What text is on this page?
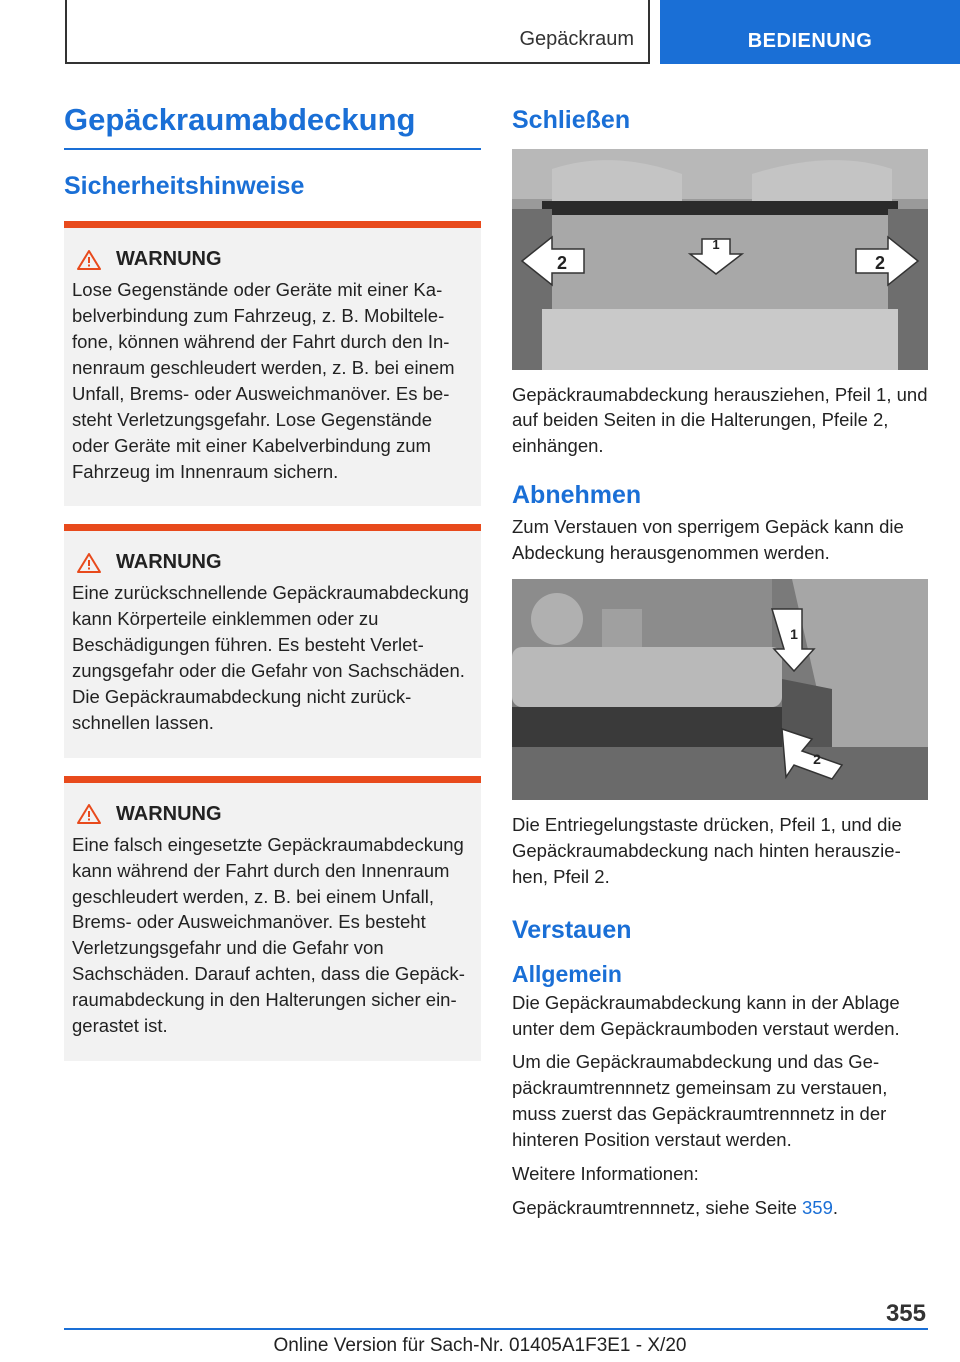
Gepäckraum	BEDIENUNG
Gepäckraumabdeckung
Sicherheitshinweise
WARNUNG

Lose Gegenstände oder Geräte mit einer Kabelverbindung zum Fahrzeug, z. B. Mobiltelefone, können während der Fahrt durch den Innenraum geschleudert werden, z. B. bei einem Unfall, Brems- oder Ausweichmanöver. Es besteht Verletzungsgefahr. Lose Gegenstände oder Geräte mit einer Kabelverbindung zum Fahrzeug im Innenraum sichern.

WARNUNG

Eine zurückschnellende Gepäckraumabdeckung kann Körperteile einklemmen oder zu Beschädigungen führen. Es besteht Verletzungsgefahr oder die Gefahr von Sachschäden. Die Gepäckraumabdeckung nicht zurückschnellen lassen.

WARNUNG

Eine falsch eingesetzte Gepäckraumabdeckung kann während der Fahrt durch den Innenraum geschleudert werden, z. B. bei einem Unfall, Brems- oder Ausweichmanöver. Es besteht Verletzungsgefahr und die Gefahr von Sachschäden. Darauf achten, dass die Gepäckraumabdeckung in den Halterungen sicher eingerastet ist.

Schließen
1
2	2

Gepäckraumabdeckung herausziehen, Pfeil 1, und auf beiden Seiten in die Halterungen, Pfeile 2, einhängen.

Abnehmen

Zum Verstauen von sperrigem Gepäck kann die Abdeckung herausgenommen werden.

1
2

Die Entriegelungstaste drücken, Pfeil 1, und die Gepäckraumabdeckung nach hinten herausziehen, Pfeil 2.

Verstauen
Allgemein

Die Gepäckraumabdeckung kann in der Ablage unter dem Gepäckraumboden verstaut werden.

Um die Gepäckraumabdeckung und das Gepäckraumtrennnetz gemeinsam zu verstauen, muss zuerst das Gepäckraumtrennnetz in der hinteren Position verstaut werden.

Weitere Informationen:

Gepäckraumtrennnetz, siehe Seite 359.

355
Online Version für Sach-Nr. 01405A1F3E1 - X/20
